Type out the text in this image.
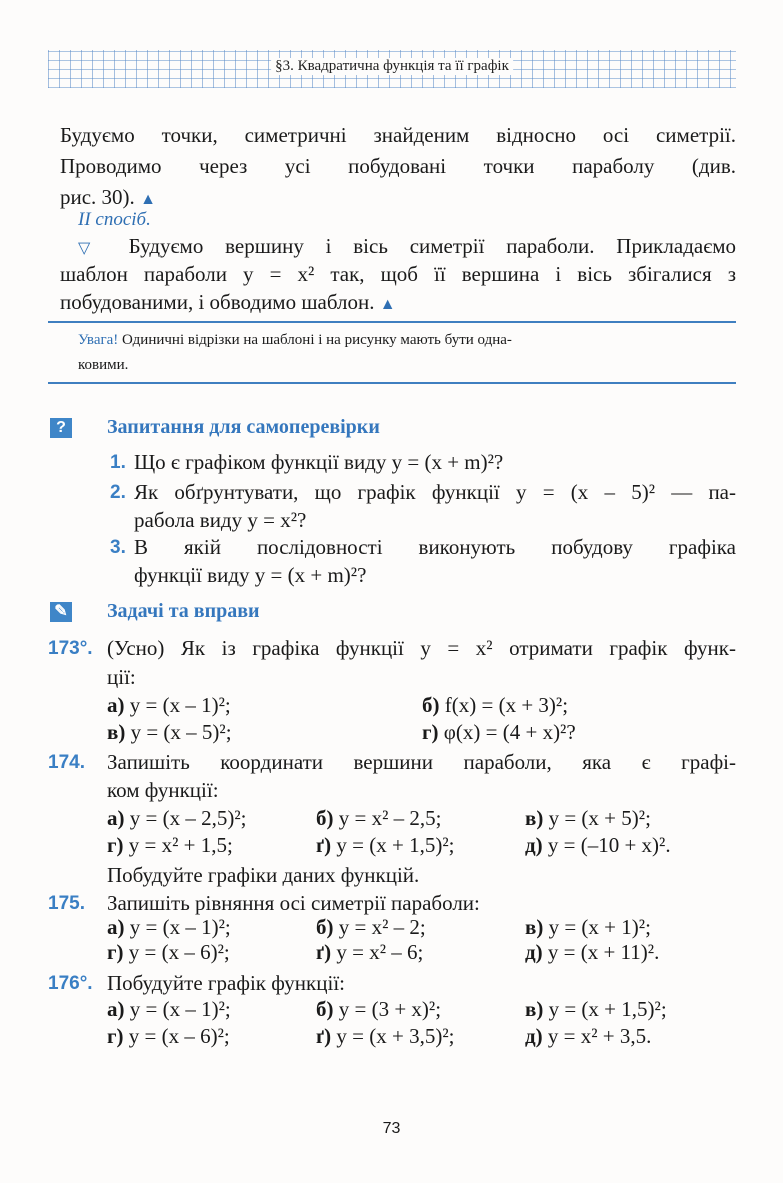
§3. Квадратична функція та її графік
Будуємо точки, симетричні знайденим відносно осі симетрії.
Проводимо через усі побудовані точки параболу (див.
рис. 30). ▲
II спосіб.
▽ Будуємо вершину і вісь симетрії параболи. Прикладаємо
шаблон параболи y = x² так, щоб її вершина і вісь збігалися з
побудованими, і обводимо шаблон. ▲
Увага! Одиничні відрізки на шаблоні і на рисунку мають бути одна-
ковими.
?	Запитання для самоперевірки
1. Що є графіком функції виду y = (x + m)²?
2. Як обґрунтувати, що графік функції y = (x – 5)² — па-
рабола виду y = x²?
3. В якій послідовності виконують побудову графіка
функції виду y = (x + m)²?
✎ Задачі та вправи
173°. (Усно) Як із графіка функції y = x² отримати графік функ-
ції:
а) y = (x – 1)²;	б) f(x) = (x + 3)²;
в) y = (x – 5)²;	г) φ(x) = (4 + x)²?
174. Запишіть координати вершини параболи, яка є графі-
ком функції:
а) y = (x – 2,5)²;	б) y = x² – 2,5;	в) y = (x + 5)²;
г) y = x² + 1,5;	ґ) y = (x + 1,5)²;	д) y = (–10 + x)².
Побудуйте графіки даних функцій.
175. Запишіть рівняння осі симетрії параболи:
а) y = (x – 1)²;	б) y = x² – 2;	в) y = (x + 1)²;
г) y = (x – 6)²;	ґ) y = x² – 6;	д) y = (x + 11)².
176°. Побудуйте графік функції:
а) y = (x – 1)²;	б) y = (3 + x)²;	в) y = (x + 1,5)²;
г) y = (x – 6)²;	ґ) y = (x + 3,5)²;	д) y = x² + 3,5.
73
